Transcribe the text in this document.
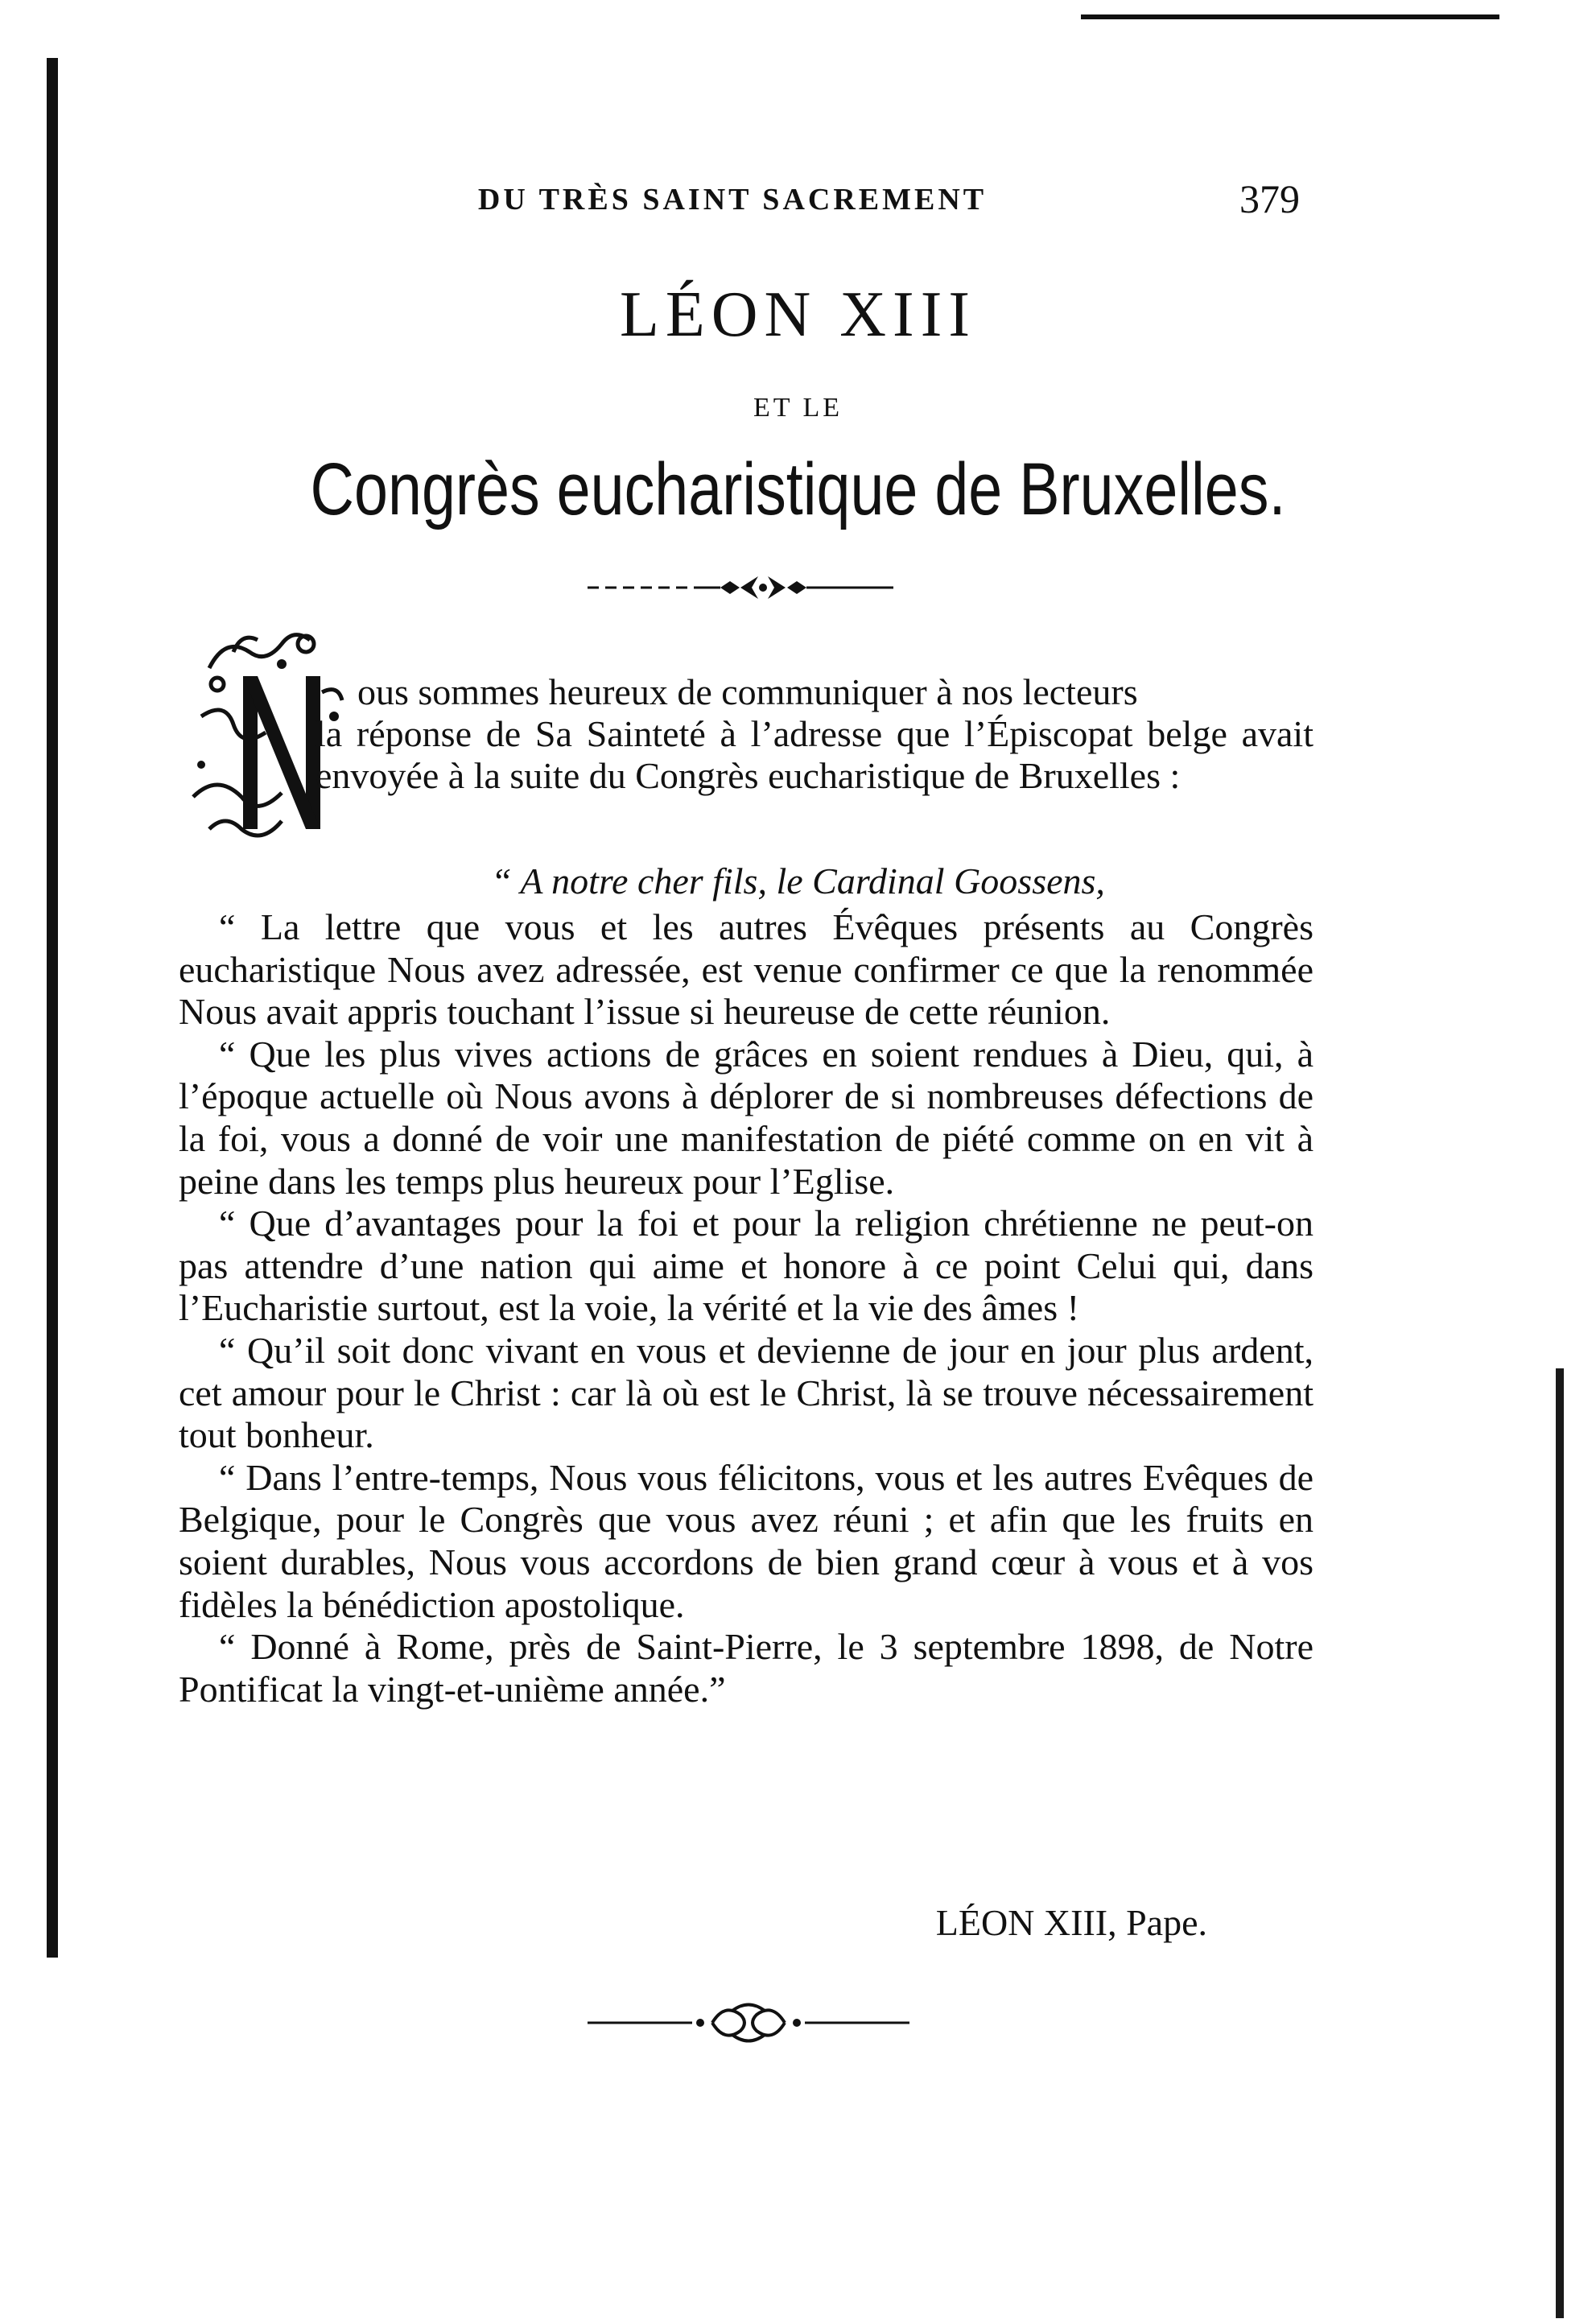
DU TRÈS SAINT SACREMENT	379
LÉON XIII
ET LE
Congrès eucharistique de Bruxelles.
ous sommes heureux de communiquer à nos lecteurs
la réponse de Sa Sainteté à l’adresse que l’Épiscopat belge avait envoyée à la suite du Congrès eucharistique de Bruxelles :
“ A notre cher fils, le Cardinal Goossens,

“ La lettre que vous et les autres Évêques présents au Congrès eucharistique Nous avez adressée, est venue confirmer ce que la renommée Nous avait appris touchant l’issue si heureuse de cette réunion.

“ Que les plus vives actions de grâces en soient rendues à Dieu, qui, à l’époque actuelle où Nous avons à déplorer de si nombreuses défections de la foi, vous a donné de voir une manifestation de piété comme on en vit à peine dans les temps plus heureux pour l’Eglise.

“ Que d’avantages pour la foi et pour la religion chrétienne ne peut-on pas attendre d’une nation qui aime et honore à ce point Celui qui, dans l’Eucharistie surtout, est la voie, la vérité et la vie des âmes !

“ Qu’il soit donc vivant en vous et devienne de jour en jour plus ardent, cet amour pour le Christ : car là où est le Christ, là se trouve nécessairement tout bonheur.

“ Dans l’entre-temps, Nous vous félicitons, vous et les autres Evêques de Belgique, pour le Congrès que vous avez réuni ; et afin que les fruits en soient durables, Nous vous accordons de bien grand cœur à vous et à vos fidèles la bénédiction apostolique.

“ Donné à Rome, près de Saint-Pierre, le 3 septembre 1898, de Notre Pontificat la vingt-et-unième année.”

LÉON XIII, Pape.
